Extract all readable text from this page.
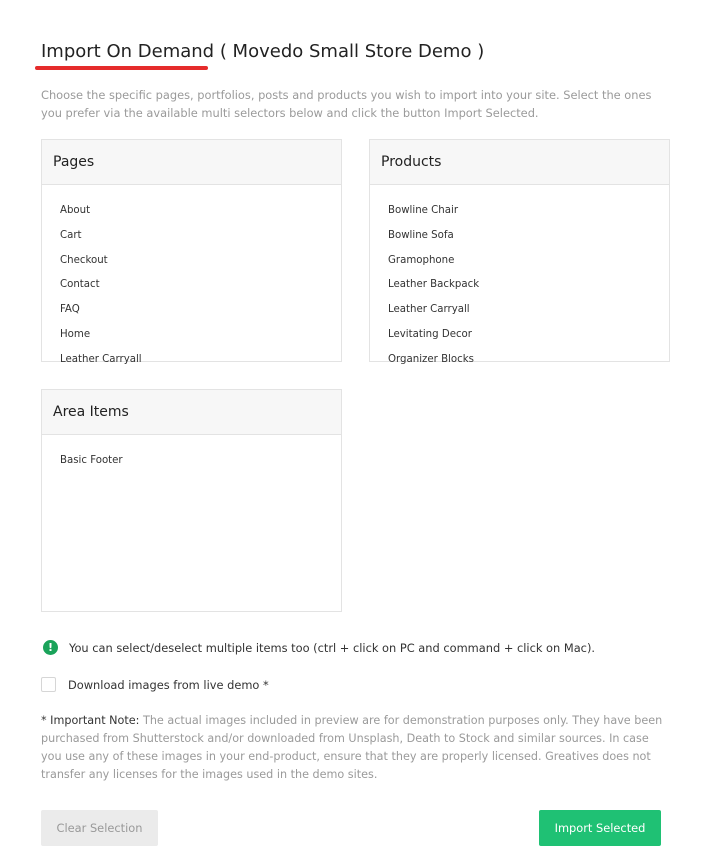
Import On Demand ( Movedo Small Store Demo )

Choose the specific pages, portfolios, posts and products you wish to import into your site. Select the ones you prefer via the available multi selectors below and click the button Import Selected.

Pages
About
Cart
Checkout
Contact
FAQ
Home
Leather Carryall
Products
Bowline Chair
Bowline Sofa
Gramophone
Leather Backpack
Leather Carryall
Levitating Decor
Organizer Blocks
Area Items
Basic Footer
!	You can select/deselect multiple items too (ctrl + click on PC and command + click on Mac).
Download images from live demo *

* Important Note: The actual images included in preview are for demonstration purposes only. They have been purchased from Shutterstock and/or downloaded from Unsplash, Death to Stock and similar sources. In case you use any of these images in your end-product, ensure that they are properly licensed. Greatives does not transfer any licenses for the images used in the demo sites.

Clear Selection	Import Selected
